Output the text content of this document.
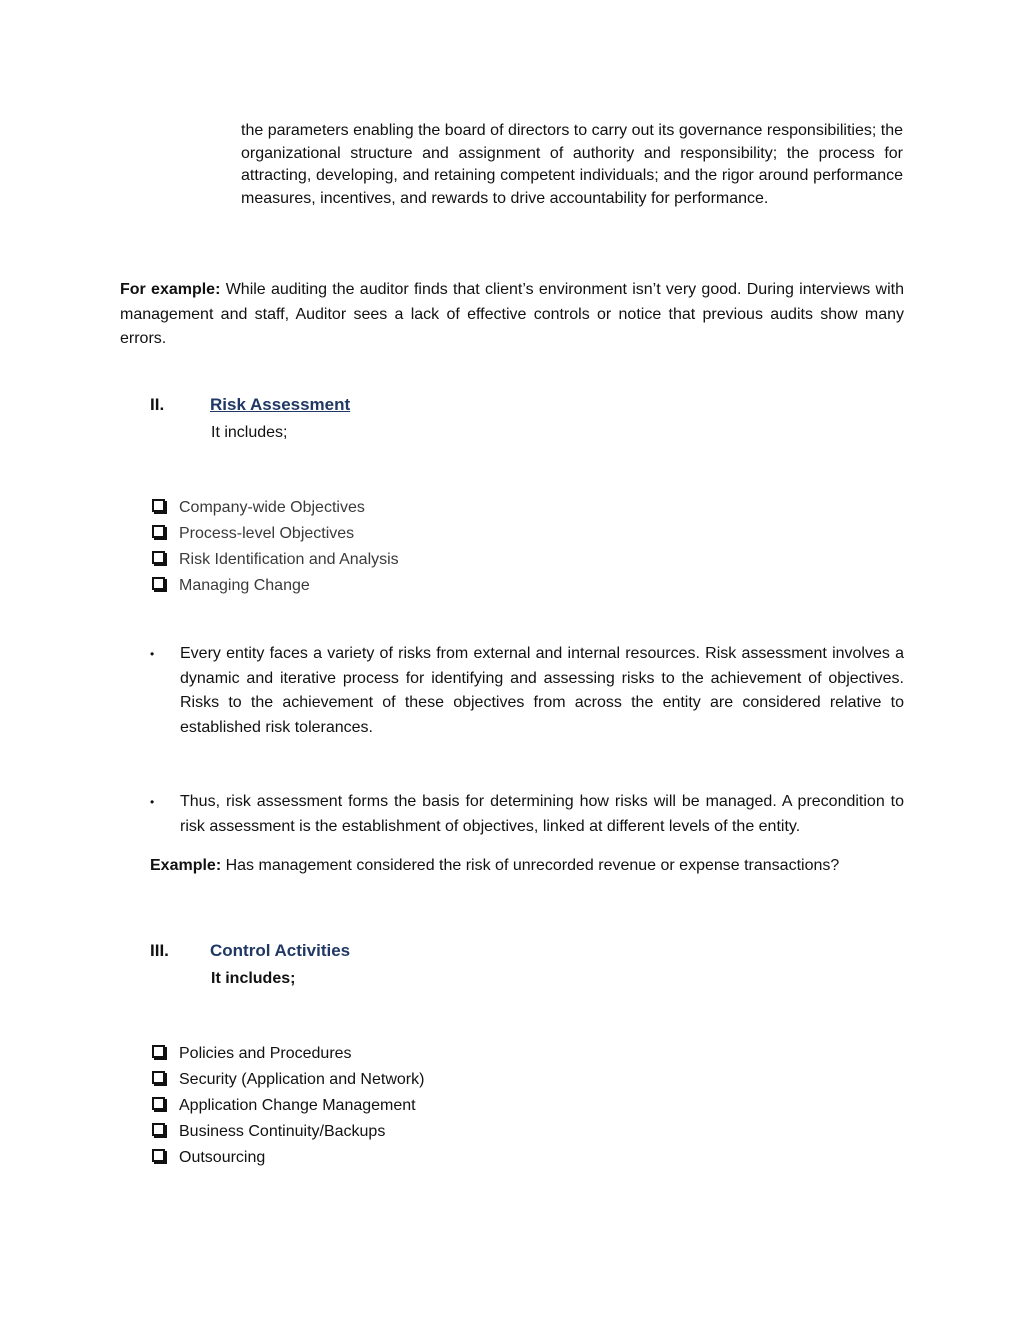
the parameters enabling the board of directors to carry out its governance responsibilities; the organizational structure and assignment of authority and responsibility; the process for attracting, developing, and retaining competent individuals; and the rigor around performance measures, incentives, and rewards to drive accountability for performance.

For example: While auditing the auditor finds that client’s environment isn’t very good. During interviews with management and staff, Auditor sees a lack of effective controls or notice that previous audits show many errors.

II.	Risk Assessment
It includes;
Company-wide Objectives
Process-level Objectives
Risk Identification and Analysis
Managing Change
•	Every entity faces a variety of risks from external and internal resources. Risk assessment involves a dynamic and iterative process for identifying and assessing risks to the achievement of objectives. Risks to the achievement of these objectives from across the entity are considered relative to established risk tolerances.
•	Thus, risk assessment forms the basis for determining how risks will be managed. A precondition to risk assessment is the establishment of objectives, linked at different levels of the entity.
Example: Has management considered the risk of unrecorded revenue or expense transactions?
III.	Control Activities
It includes;
Policies and Procedures
Security (Application and Network)
Application Change Management
Business Continuity/Backups
Outsourcing
